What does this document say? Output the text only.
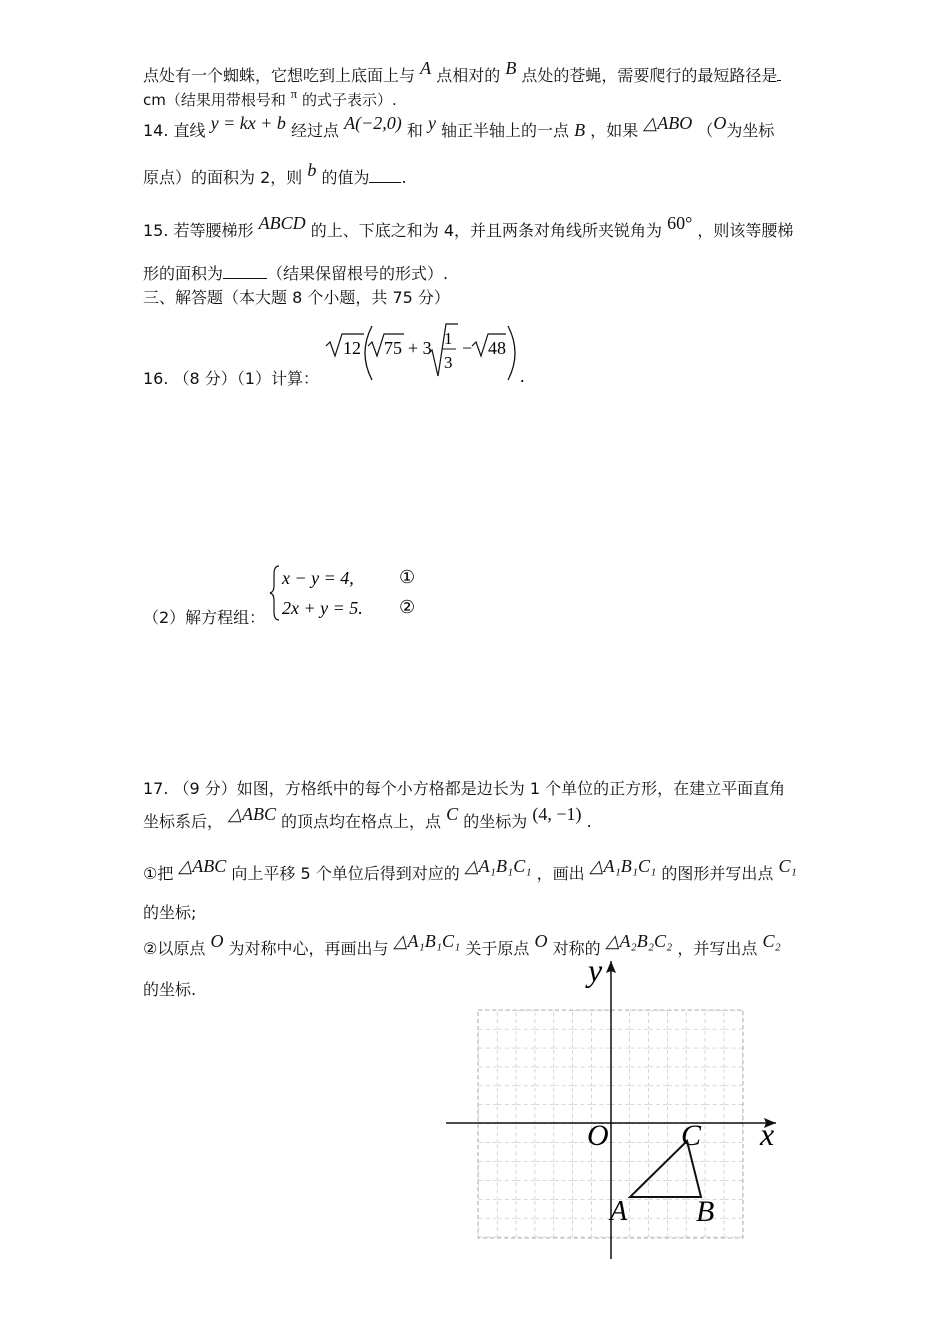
点处有一个蜘蛛，它想吃到上底面上与 A 点相对的 B 点处的苍蝇，需要爬行的最短路径是
cm（结果用带根号和 π 的式子表示）.
14. 直线 y = kx + b 经过点 A(−2,0) 和 y 轴正半轴上的一点 B ，如果 △ABO （O为坐标
原点）的面积为 2，则 b 的值为 .
15. 若等腰梯形 ABCD 的上、下底之和为 4，并且两条对角线所夹锐角为 60° ，则该等腰梯
形的面积为	（结果保留根号的形式）.
三、解答题（本大题 8 个小题，共 75 分）
16. （8 分）（1）计算：
12 75 + 3 1
3
− 48
.
（2）解方程组：
x − y = 4,
2x + y = 5.
①
②
17. （9 分）如图，方格纸中的每个小方格都是边长为 1 个单位的正方形，在建立平面直角
坐标系后， △ABC 的顶点均在格点上，点 C 的坐标为 (4, −1) .
①把 △ABC 向上平移 5 个单位后得到对应的 △A₁B₁C₁ ，画出 △A₁B₁C₁ 的图形并写出点 C₁
的坐标;
②以原点 O 为对称中心，再画出与 △A₁B₁C₁ 关于原点 O 对称的 △A₂B₂C₂ ，并写出点 C₂
的坐标.
y
x
O C
A B
